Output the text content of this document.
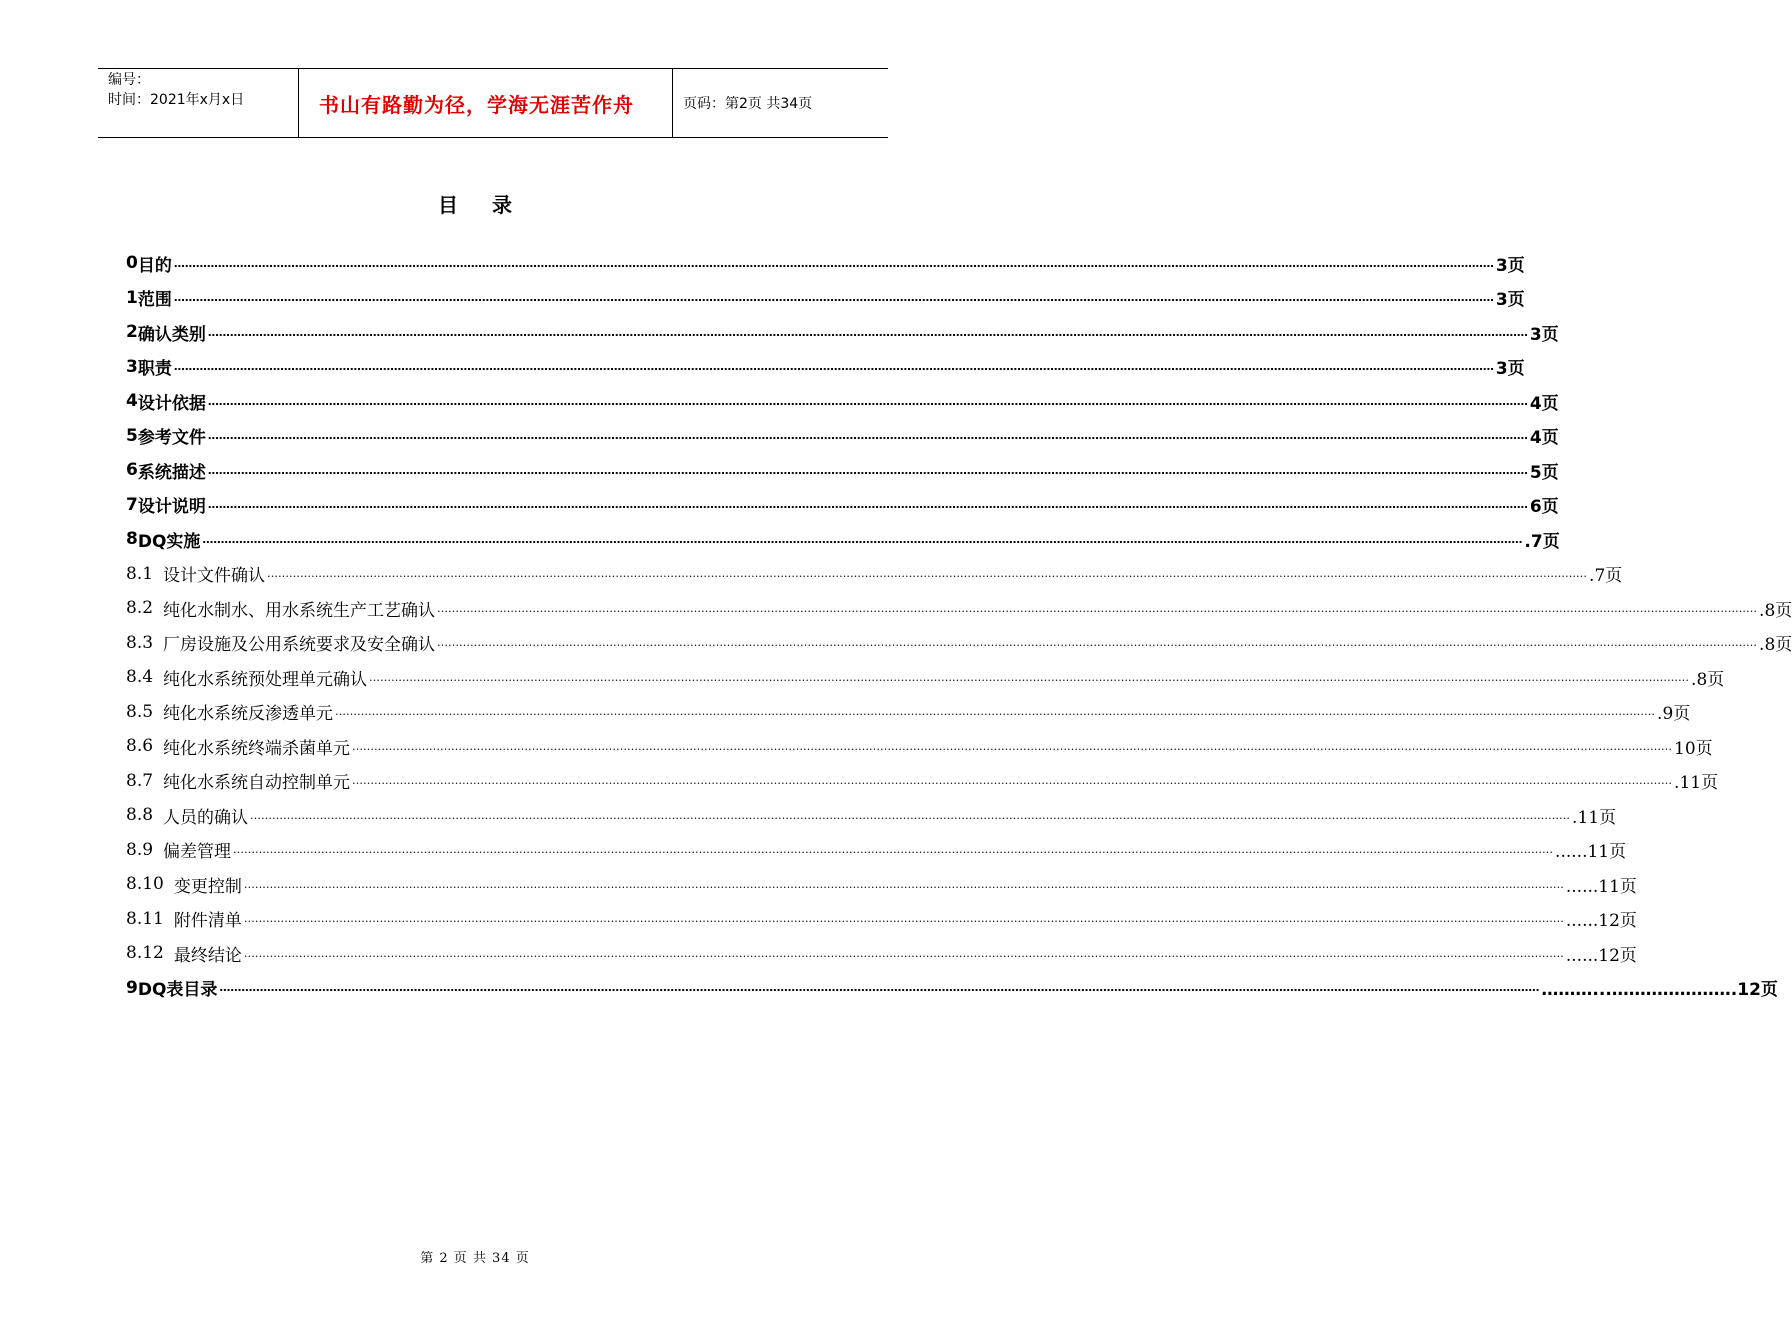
编号：
时间：2021年x月x日	书山有路勤为径，学海无涯苦作舟	页码：第2页 共34页
目录
0 目的 ……………………………………………………………………………………………………………………………………………………………………………………………………………………………………………………………………………………………………………………………… 3页
1 范围 ……………………………………………………………………………………………………………………………………………………………………………………………………………………………………………………………………………………………………………………………… 3页
2 确认类别 ……………………………………………………………………………………………………………………………………………………………………………………………………………………………………………………………………………………………………………………………… 3页
3 职责 ……………………………………………………………………………………………………………………………………………………………………………………………………………………………………………………………………………………………………………………………… 3页
4 设计依据 ……………………………………………………………………………………………………………………………………………………………………………………………………………………………………………………………………………………………………………………………… 4页
5 参考文件 ……………………………………………………………………………………………………………………………………………………………………………………………………………………………………………………………………………………………………………………………… 4页
6 系统描述 ……………………………………………………………………………………………………………………………………………………………………………………………………………………………………………………………………………………………………………………………… 5页
7 设计说明 ……………………………………………………………………………………………………………………………………………………………………………………………………………………………………………………………………………………………………………………………… 6页
8 DQ实施 ……………………………………………………………………………………………………………………………………………………………………………………………………………………………………………………………………………………………………………………………… .7页
8.1 设计文件确认 ……………………………………………………………………………………………………………………………………………………………………………………………………………………………………………………………………………………………………………………………… .7页
8.2 纯化水制水、用水系统生产工艺确认 ……………………………………………………………………………………………………………………………………………………………………………………………………………………………………………………………………………………………………………………………… .8页
8.3 厂房设施及公用系统要求及安全确认 ……………………………………………………………………………………………………………………………………………………………………………………………………………………………………………………………………………………………………………………………… .8页
8.4 纯化水系统预处理单元确认 ……………………………………………………………………………………………………………………………………………………………………………………………………………………………………………………………………………………………………………………………… .8页
8.5 纯化水系统反渗透单元 ……………………………………………………………………………………………………………………………………………………………………………………………………………………………………………………………………………………………………………………………… .9页
8.6 纯化水系统终端杀菌单元 ……………………………………………………………………………………………………………………………………………………………………………………………………………………………………………………………………………………………………………………………… 10页
8.7 纯化水系统自动控制单元 ……………………………………………………………………………………………………………………………………………………………………………………………………………………………………………………………………………………………………………………………… .11页
8.8 人员的确认 ……………………………………………………………………………………………………………………………………………………………………………………………………………………………………………………………………………………………………………………………… .11页
8.9 偏差管理 ……………………………………………………………………………………………………………………………………………………………………………………………………………………………………………………………………………………………………………………………… ......11页
8.10 变更控制 ……………………………………………………………………………………………………………………………………………………………………………………………………………………………………………………………………………………………………………………………… ......11页
8.11 附件清单 ……………………………………………………………………………………………………………………………………………………………………………………………………………………………………………………………………………………………………………………………… ......12页
8.12 最终结论 ……………………………………………………………………………………………………………………………………………………………………………………………………………………………………………………………………………………………………………………………… ......12页
9 DQ表目录 ……………………………………………………………………………………………………………………………………………………………………………………………………………………………………………………………………………………………………………………………… ………...………………….12页
第 2 页 共 34 页
